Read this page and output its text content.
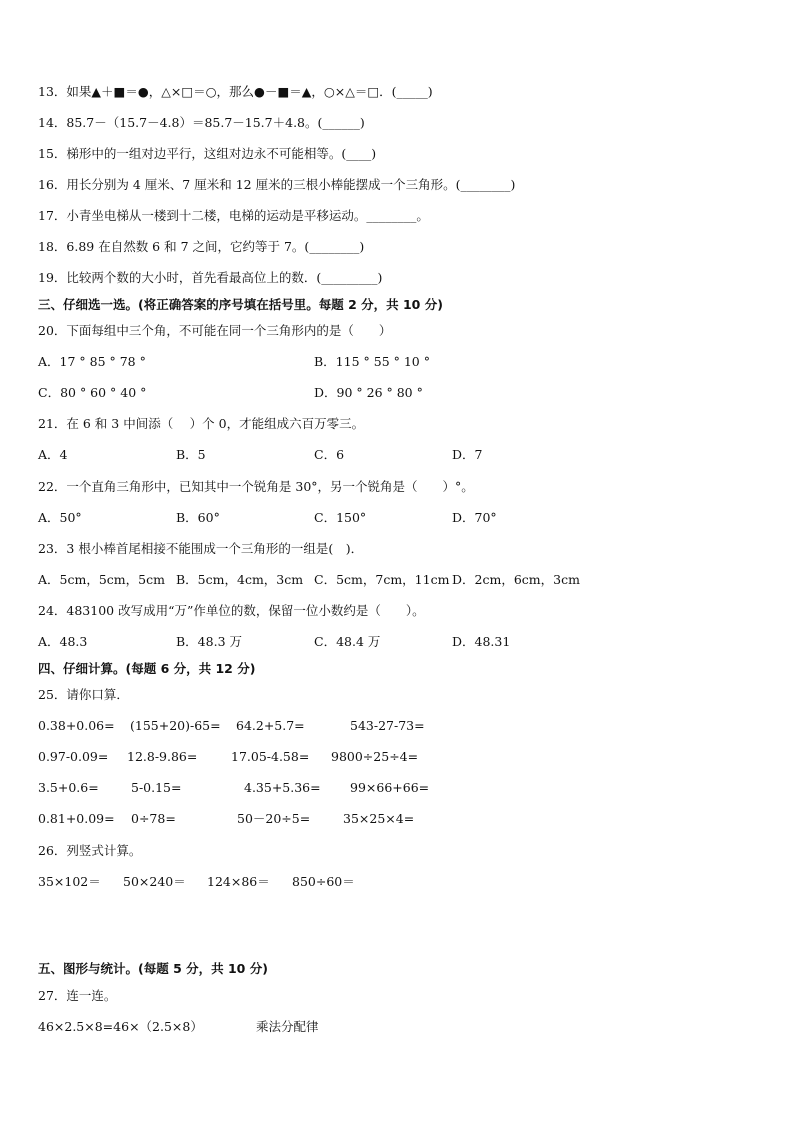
13．如果▲＋■＝●，△×□＝○，那么●－■＝▲，○×△＝□．(_____)
14．85.7－（15.7－4.8）＝85.7－15.7＋4.8。(______)
15．梯形中的一组对边平行，这组对边永不可能相等。(____)
16．用长分别为 4 厘米、7 厘米和 12 厘米的三根小棒能摆成一个三角形。(________)
17．小青坐电梯从一楼到十二楼，电梯的运动是平移运动。________。
18．6.89 在自然数 6 和 7 之间，它约等于 7。(________)
19．比较两个数的大小时，首先看最高位上的数．(_________)
三、仔细选一选。(将正确答案的序号填在括号里。每题 2 分，共 10 分)
20．下面每组中三个角，不可能在同一个三角形内的是（　　）
A．17 ° 85 ° 78 °	B．115 ° 55 ° 10 °
C．80 ° 60 ° 40 °	D．90 ° 26 ° 80 °
21．在 6 和 3 中间添（　 ）个 0，才能组成六百万零三。
A．4	B．5	C．6	D．7
22．一个直角三角形中，已知其中一个锐角是 30°，另一个锐角是（　　）°。
A．50°	B．60°	C．150°	D．70°
23．3 根小棒首尾相接不能围成一个三角形的一组是(　)．
A．5cm，5cm，5cm B．5cm，4cm，3cm C．5cm，7cm，11cm D．2cm，6cm，3cm
24．483100 改写成用“万”作单位的数，保留一位小数约是（　　）。
A．48.3	B．48.3 万	C．48.4 万	D．48.31
四、仔细计算。(每题 6 分，共 12 分)
25．请你口算．
0.38+0.06= (155+20)-65= 64.2+5.7=	543-27-73=
0.97-0.09= 12.8-9.86=	17.05-4.58= 9800÷25÷4=
3.5+0.6=	5-0.15=	4.35+5.36= 99×66+66=
0.81+0.09= 0÷78=	50－20÷5=	35×25×4=
26．列竖式计算。
35×102＝ 50×240＝ 124×86＝ 850÷60＝
五、图形与统计。(每题 5 分，共 10 分)
27．连一连。
46×2.5×8=46×（2.5×8）	乘法分配律
